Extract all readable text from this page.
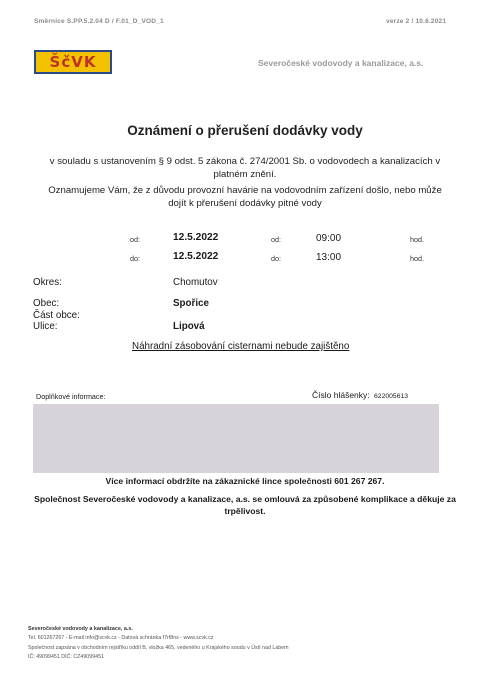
Směrnice S.PP.5.2.04 D / F.01_D_VOD_1	verze 2 / 10.6.2021
ŠčVK	Severočeské vodovody a kanalizace, a.s.
Oznámení o přerušení dodávky vody
v souladu s ustanovením § 9 odst. 5 zákona č. 274/2001 Sb. o vodovodech a kanalizacích v platném znění.
Oznamujeme Vám, že z důvodu provozní havárie na vodovodním zařízení došlo, nebo může dojít k přerušení dodávky pitné vody
od:	12.5.2022	od:	09:00	hod.
do:	12.5.2022	do:	13:00	hod.
Okres:	Chomutov
Obec:	Spořice
Část obce:
Ulice:	Lipová
Náhradní zásobování cisternami nebude zajištěno
Doplňkové informace:	Číslo hlášenky: 622005613
Více informací obdržíte na zákaznické lince společnosti 601 267 267.
Společnost Severočeské vodovody a kanalizace, a.s. se omlouvá za způsobené komplikace a děkuje za trpělivost.
Severočeské vodovody a kanalizace, a.s.
Tel. 601267267 - E-mail info@scvk.cz - Datová schránka f7rf8ns - www.scvk.cz
Společnost zapsána v obchodním rejstříku oddíl B, vložka 465, vedeného u Krajského soudu v Ústí nad Labem
IČ: 49099451 DIČ: CZ49099451
